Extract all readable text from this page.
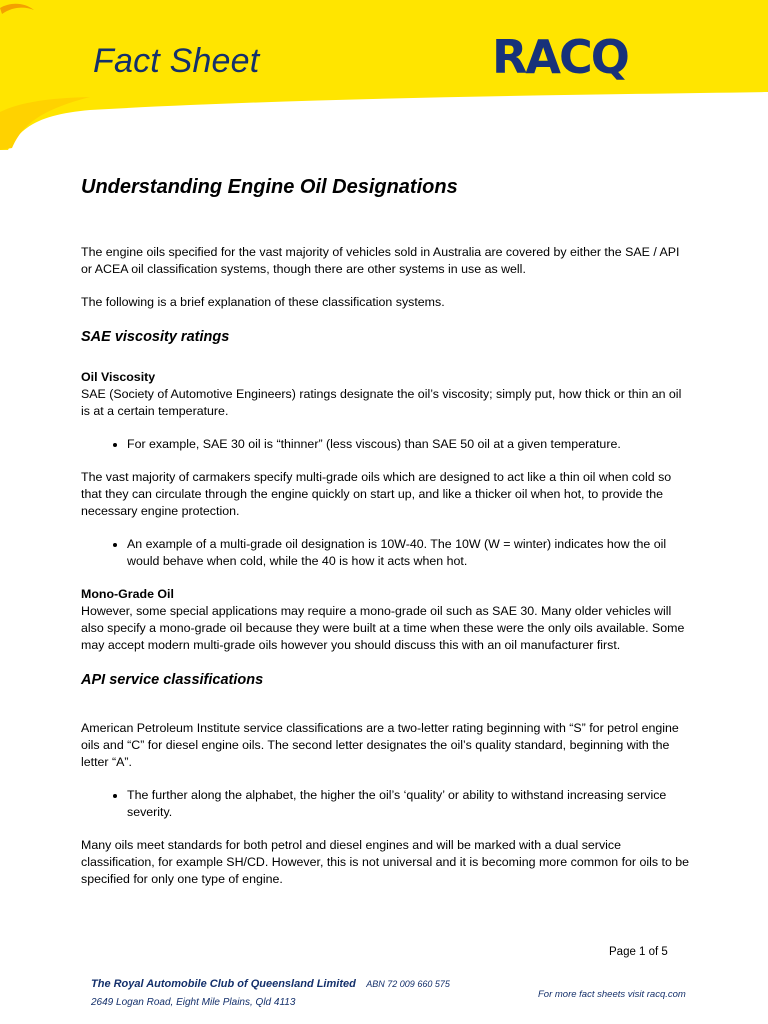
Fact Sheet	RACQ
Understanding Engine Oil Designations

The engine oils specified for the vast majority of vehicles sold in Australia are covered by either the SAE / API or ACEA oil classification systems, though there are other systems in use as well.

The following is a brief explanation of these classification systems.

SAE viscosity ratings

Oil Viscosity

SAE (Society of Automotive Engineers) ratings designate the oil’s viscosity; simply put, how thick or thin an oil is at a certain temperature.

• For example, SAE 30 oil is “thinner” (less viscous) than SAE 50 oil at a given temperature.

The vast majority of carmakers specify multi-grade oils which are designed to act like a thin oil when cold so that they can circulate through the engine quickly on start up, and like a thicker oil when hot, to provide the necessary engine protection.

• An example of a multi-grade oil designation is 10W-40. The 10W (W = winter) indicates how the oil would behave when cold, while the 40 is how it acts when hot.

Mono-Grade Oil

However, some special applications may require a mono-grade oil such as SAE 30. Many older vehicles will also specify a mono-grade oil because they were built at a time when these were the only oils available. Some may accept modern multi-grade oils however you should discuss this with an oil manufacturer first.

API service classifications

American Petroleum Institute service classifications are a two-letter rating beginning with “S” for petrol engine oils and “C” for diesel engine oils. The second letter designates the oil’s quality standard, beginning with the letter “A”.

• The further along the alphabet, the higher the oil’s ‘quality’ or ability to withstand increasing service severity.

Many oils meet standards for both petrol and diesel engines and will be marked with a dual service classification, for example SH/CD. However, this is not universal and it is becoming more common for oils to be specified for only one type of engine.

Page 1 of 5
The Royal Automobile Club of Queensland Limited ABN 72 009 660 575
2649 Logan Road, Eight Mile Plains, Qld 4113
For more fact sheets visit racq.com
